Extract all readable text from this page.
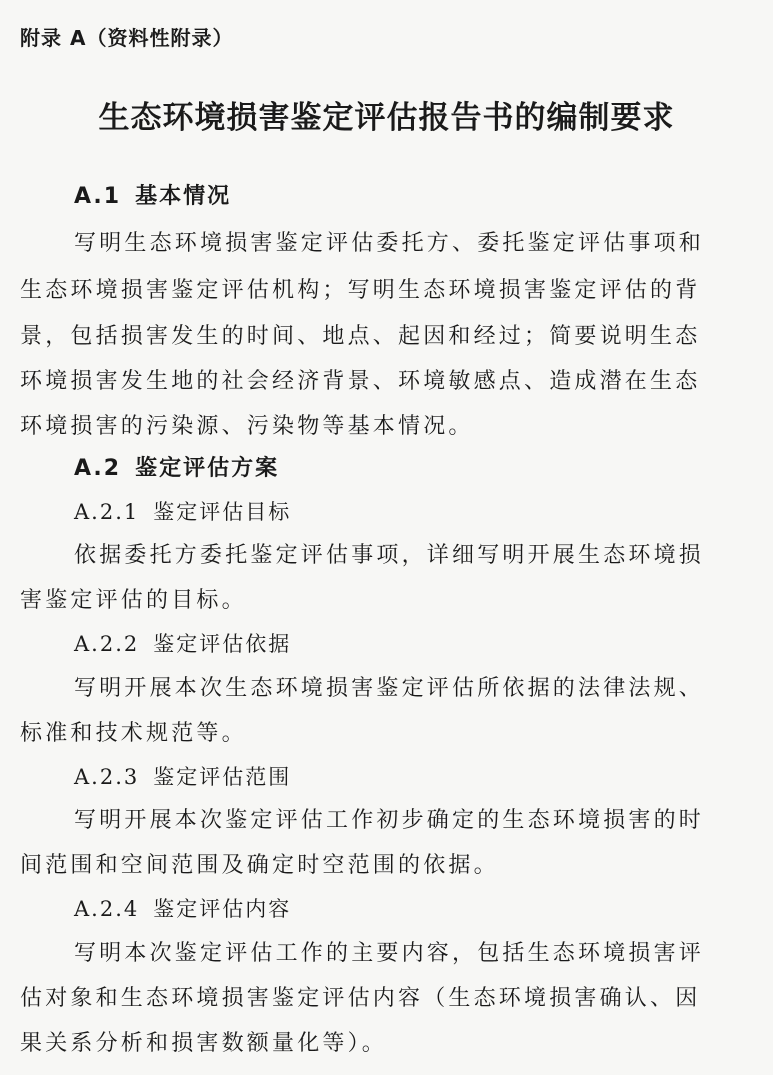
附录 A（资料性附录）
生态环境损害鉴定评估报告书的编制要求
A.1 基本情况
写明生态环境损害鉴定评估委托方、委托鉴定评估事项和
生态环境损害鉴定评估机构；写明生态环境损害鉴定评估的背
景，包括损害发生的时间、地点、起因和经过；简要说明生态
环境损害发生地的社会经济背景、环境敏感点、造成潜在生态
环境损害的污染源、污染物等基本情况。
A.2 鉴定评估方案
A.2.1 鉴定评估目标
依据委托方委托鉴定评估事项，详细写明开展生态环境损
害鉴定评估的目标。
A.2.2 鉴定评估依据
写明开展本次生态环境损害鉴定评估所依据的法律法规、
标准和技术规范等。
A.2.3 鉴定评估范围
写明开展本次鉴定评估工作初步确定的生态环境损害的时
间范围和空间范围及确定时空范围的依据。
A.2.4 鉴定评估内容
写明本次鉴定评估工作的主要内容，包括生态环境损害评
估对象和生态环境损害鉴定评估内容（生态环境损害确认、因
果关系分析和损害数额量化等）。
